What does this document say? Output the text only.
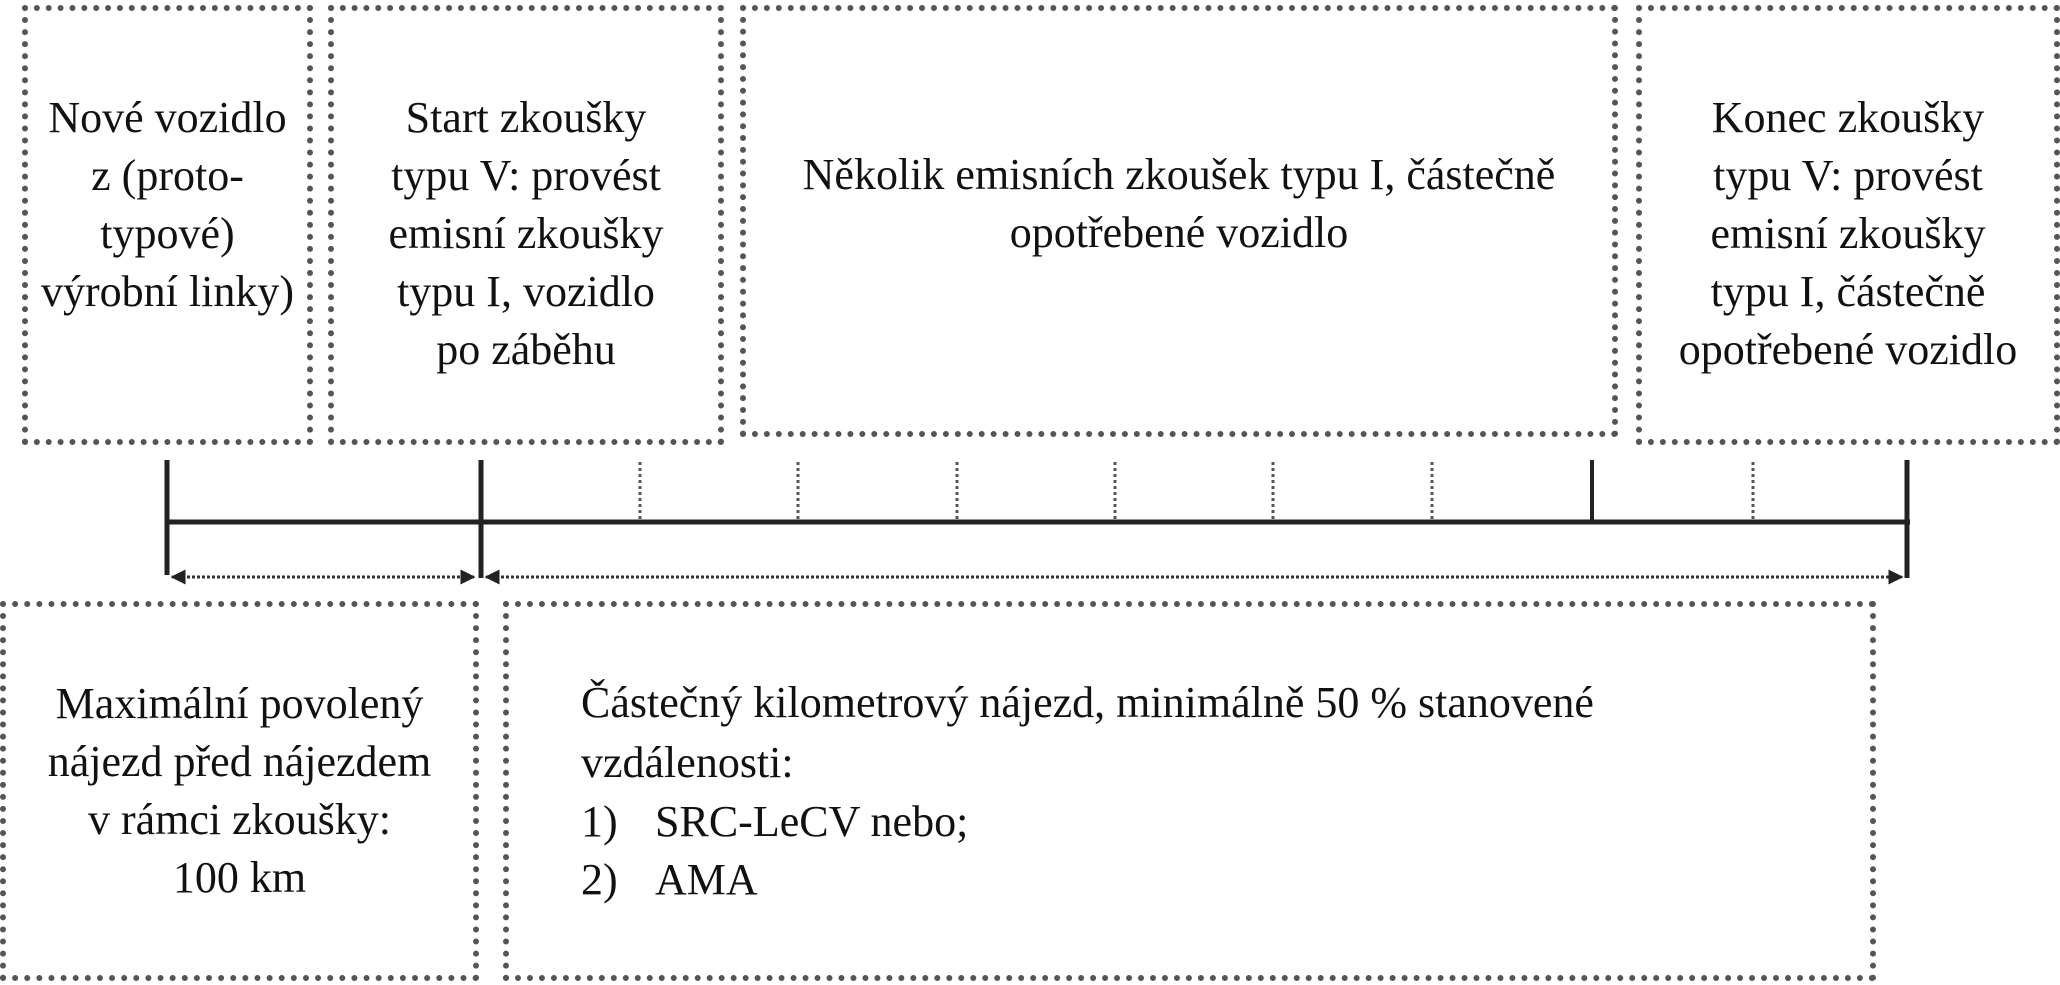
Nové vozidlo
z (proto-
typové)
výrobní linky)
Start zkoušky
typu V: provést
emisní zkoušky
typu I, vozidlo
po záběhu
Několik emisních zkoušek typu I, částečně
opotřebené vozidlo
Konec zkoušky
typu V: provést
emisní zkoušky
typu I, částečně
opotřebené vozidlo
Maximální povolený
nájezd před nájezdem
v rámci zkoušky:
100 km
Částečný kilometrový nájezd, minimálně 50 % stanovené
vzdálenosti:
1) SRC-LeCV nebo;
2) AMA
